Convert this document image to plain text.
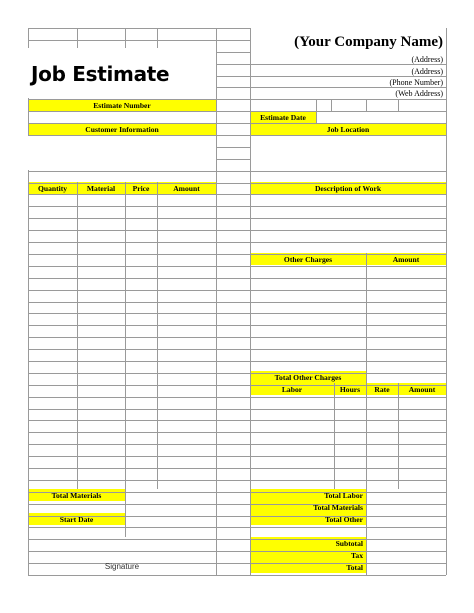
Job Estimate
(Your Company Name)
(Address)
(Address)
(Phone Number)
(Web Address)
Estimate Number
Customer Information
Estimate Date
Job Location
Quantity	Material	Price	Amount	Description of Work
Other Charges	Amount
Total Other Charges
Labor	Hours	Rate	Amount
Total Materials
Start Date
Signature
Total Labor
Total Materials
Total Other
Subtotal
Tax
Total
